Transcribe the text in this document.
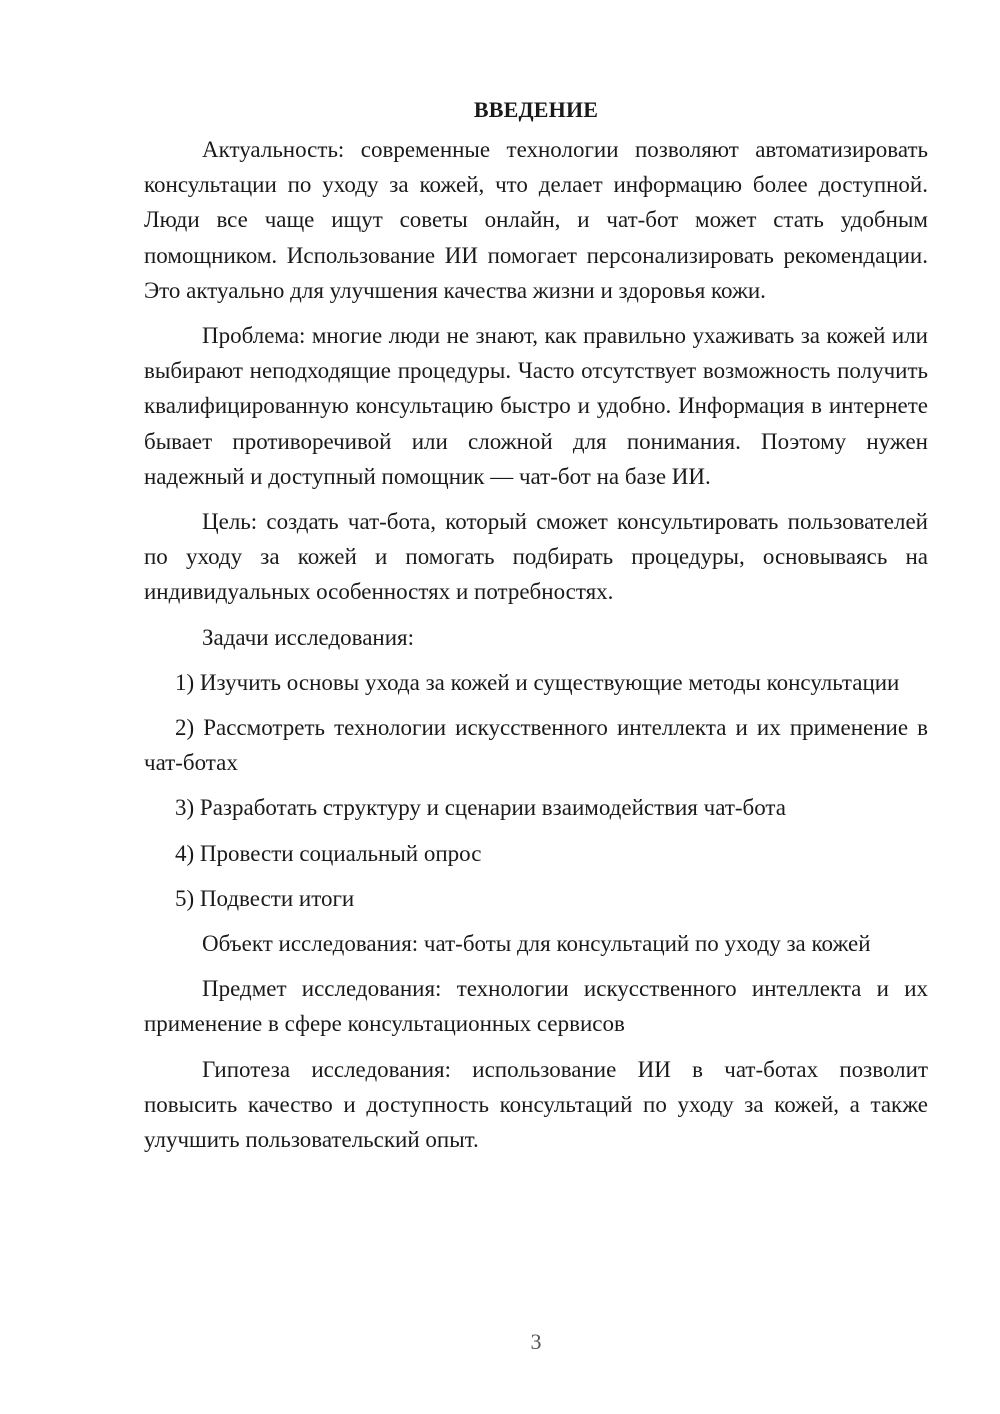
ВВЕДЕНИЕ

Актуальность: современные технологии позволяют автоматизировать консультации по уходу за кожей, что делает информацию более доступной. Люди все чаще ищут советы онлайн, и чат-бот может стать удобным помощником. Использование ИИ помогает персонализировать рекомендации. Это актуально для улучшения качества жизни и здоровья кожи.

Проблема: многие люди не знают, как правильно ухаживать за кожей или выбирают неподходящие процедуры. Часто отсутствует возможность получить квалифицированную консультацию быстро и удобно. Информация в интернете бывает противоречивой или сложной для понимания. Поэтому нужен надежный и доступный помощник — чат-бот на базе ИИ.

Цель: создать чат-бота, который сможет консультировать пользователей по уходу за кожей и помогать подбирать процедуры, основываясь на индивидуальных особенностях и потребностях.

Задачи исследования:

1) Изучить основы ухода за кожей и существующие методы консультации

2) Рассмотреть технологии искусственного интеллекта и их применение в чат-ботах

3) Разработать структуру и сценарии взаимодействия чат-бота

4) Провести социальный опрос

5) Подвести итоги

Объект исследования: чат-боты для консультаций по уходу за кожей

Предмет исследования: технологии искусственного интеллекта и их применение в сфере консультационных сервисов

Гипотеза исследования: использование ИИ в чат-ботах позволит повысить качество и доступность консультаций по уходу за кожей, а также улучшить пользовательский опыт.

3
